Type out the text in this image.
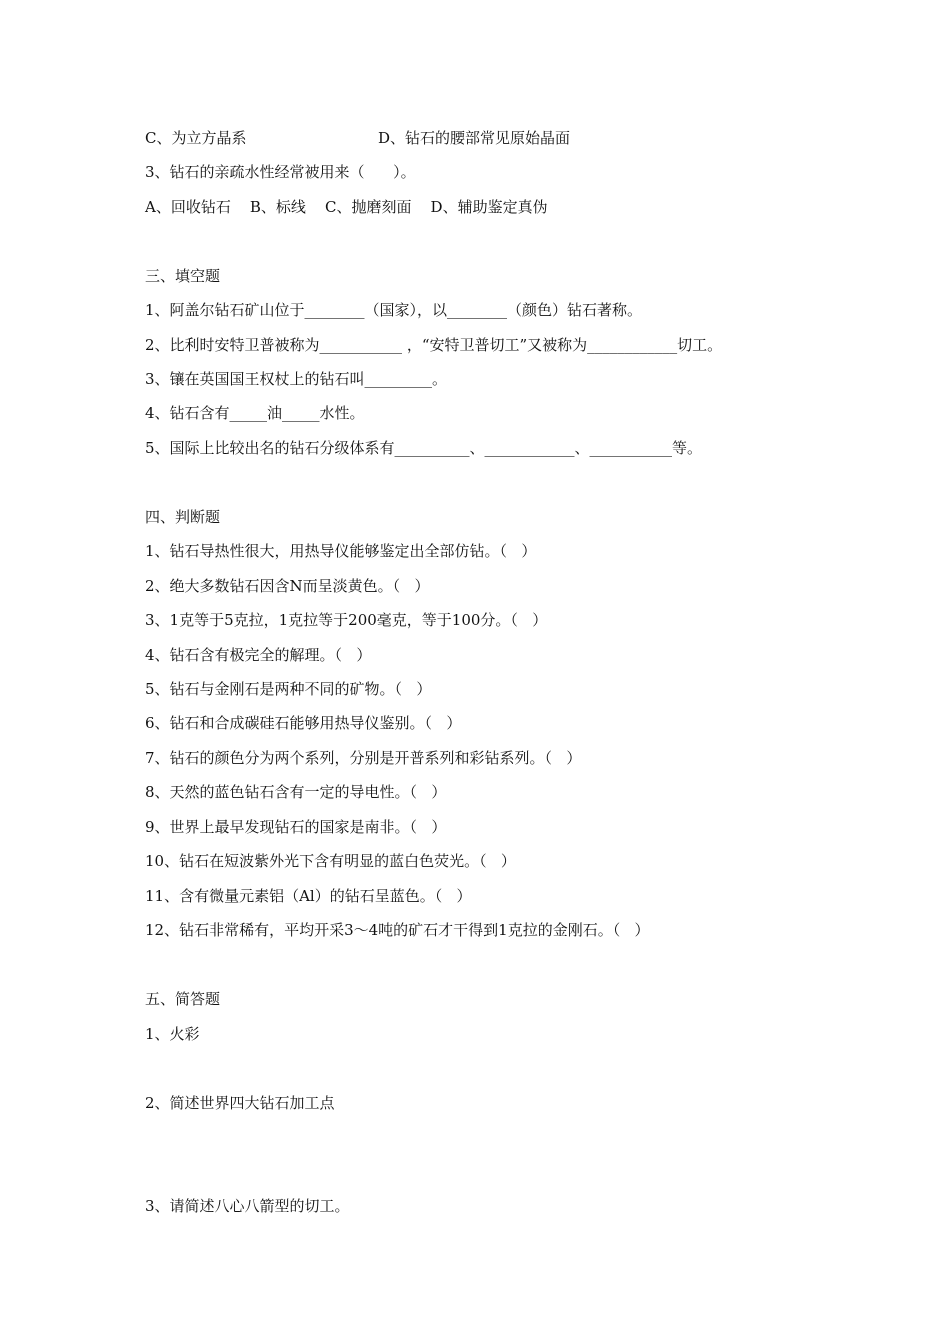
C、为立方晶系	D、钻石的腰部常见原始晶面
3、钻石的亲疏水性经常被用来（      ）。
A、回收钻石    B、标线    C、抛磨刻面    D、辅助鉴定真伪
三、填空题
1、阿盖尔钻石矿山位于________（国家），以________（颜色）钻石著称。
2、比利时安特卫普被称为___________ ，“安特卫普切工”又被称为____________切工。
3、镶在英国国王权杖上的钻石叫_________。
4、钻石含有_____油_____水性。
5、国际上比较出名的钻石分级体系有__________、____________、___________等。
四、判断题
1、钻石导热性很大，用热导仪能够鉴定出全部仿钻。（   ）
2、绝大多数钻石因含N而呈淡黄色。（   ）
3、1克等于5克拉，1克拉等于200毫克，等于100分。（   ）
4、钻石含有极完全的解理。（   ）
5、钻石与金刚石是两种不同的矿物。（   ）
6、钻石和合成碳硅石能够用热导仪鉴别。（   ）
7、钻石的颜色分为两个系列，分别是开普系列和彩钻系列。（   ）
8、天然的蓝色钻石含有一定的导电性。（   ）
9、世界上最早发现钻石的国家是南非。（   ）
10、钻石在短波紫外光下含有明显的蓝白色荧光。（   ）
11、含有微量元素铝（Al）的钻石呈蓝色。（   ）
12、钻石非常稀有，平均开采3～4吨的矿石才干得到1克拉的金刚石。（   ）
五、简答题
1、火彩
2、简述世界四大钻石加工点
3、请简述八心八箭型的切工。
